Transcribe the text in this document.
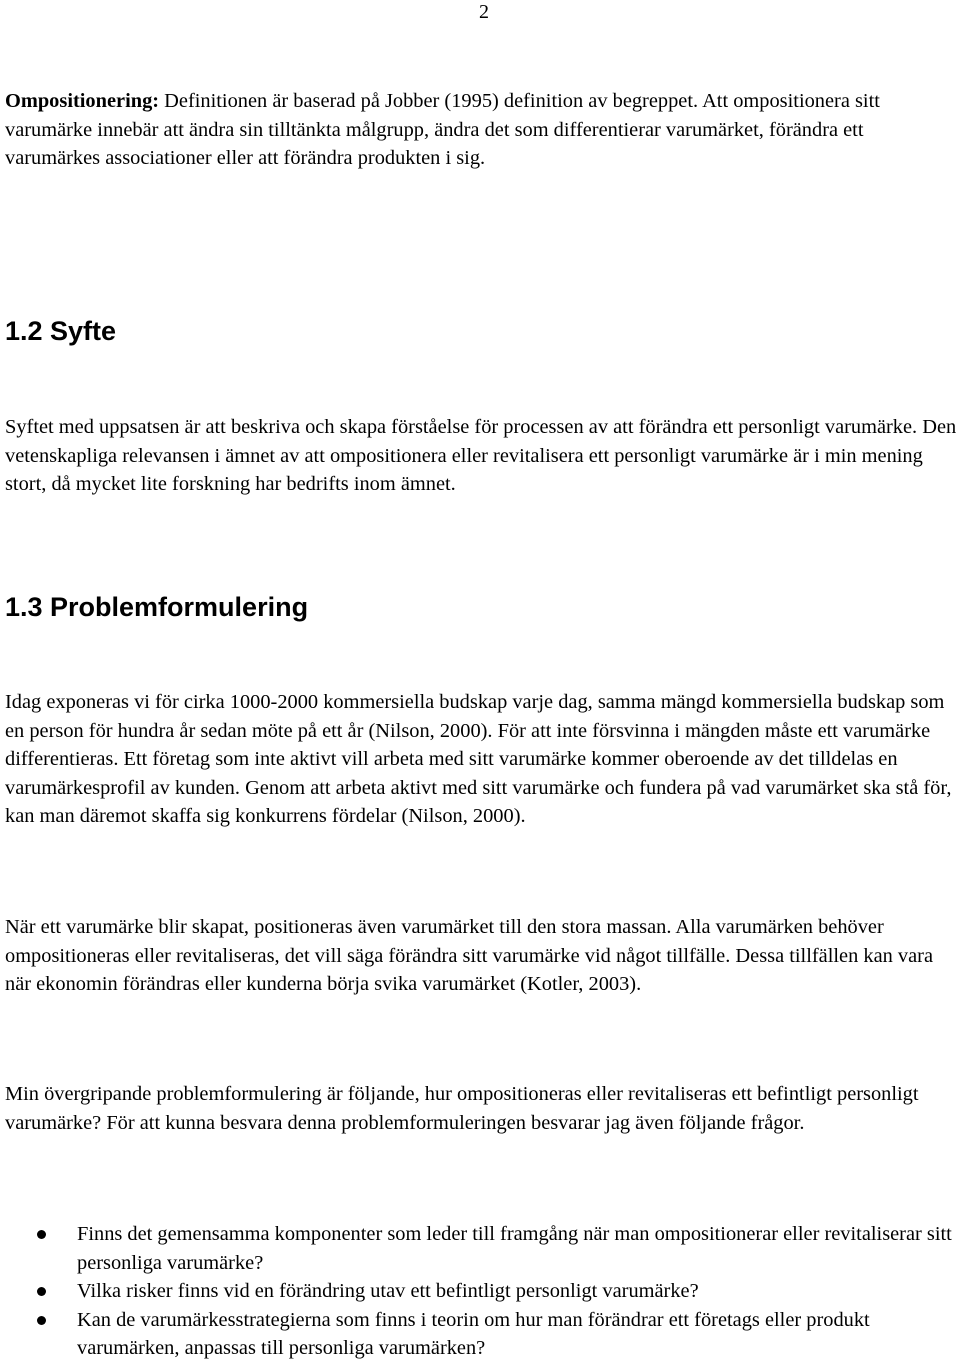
2

Ompositionering: Definitionen är baserad på Jobber (1995) definition av begreppet. Att ompositionera sitt varumärke innebär att ändra sin tilltänkta målgrupp, ändra det som differentierar varumärket, förändra ett varumärkes associationer eller att förändra produkten i sig.

1.2 Syfte

Syftet med uppsatsen är att beskriva och skapa förståelse för processen av att förändra ett personligt varumärke. Den vetenskapliga relevansen i ämnet av att ompositionera eller revitalisera ett personligt varumärke är i min mening stort, då mycket lite forskning har bedrifts inom ämnet.

1.3 Problemformulering

Idag exponeras vi för cirka 1000-2000 kommersiella budskap varje dag, samma mängd kommersiella budskap som en person för hundra år sedan möte på ett år (Nilson, 2000). För att inte försvinna i mängden måste ett varumärke differentieras. Ett företag som inte aktivt vill arbeta med sitt varumärke kommer oberoende av det tilldelas en varumärkesprofil av kunden. Genom att arbeta aktivt med sitt varumärke och fundera på vad varumärket ska stå för, kan man däremot skaffa sig konkurrens fördelar (Nilson, 2000).

När ett varumärke blir skapat, positioneras även varumärket till den stora massan. Alla varumärken behöver ompositioneras eller revitaliseras, det vill säga förändra sitt varumärke vid något tillfälle. Dessa tillfällen kan vara när ekonomin förändras eller kunderna börja svika varumärket (Kotler, 2003).

Min övergripande problemformulering är följande, hur ompositioneras eller revitaliseras ett befintligt personligt varumärke? För att kunna besvara denna problemformuleringen besvarar jag även följande frågor.

Finns det gemensamma komponenter som leder till framgång när man ompositionerar eller revitaliserar sitt personliga varumärke?
Vilka risker finns vid en förändring utav ett befintligt personligt varumärke?
Kan de varumärkesstrategierna som finns i teorin om hur man förändrar ett företags eller produkt varumärken, anpassas till personliga varumärken?
